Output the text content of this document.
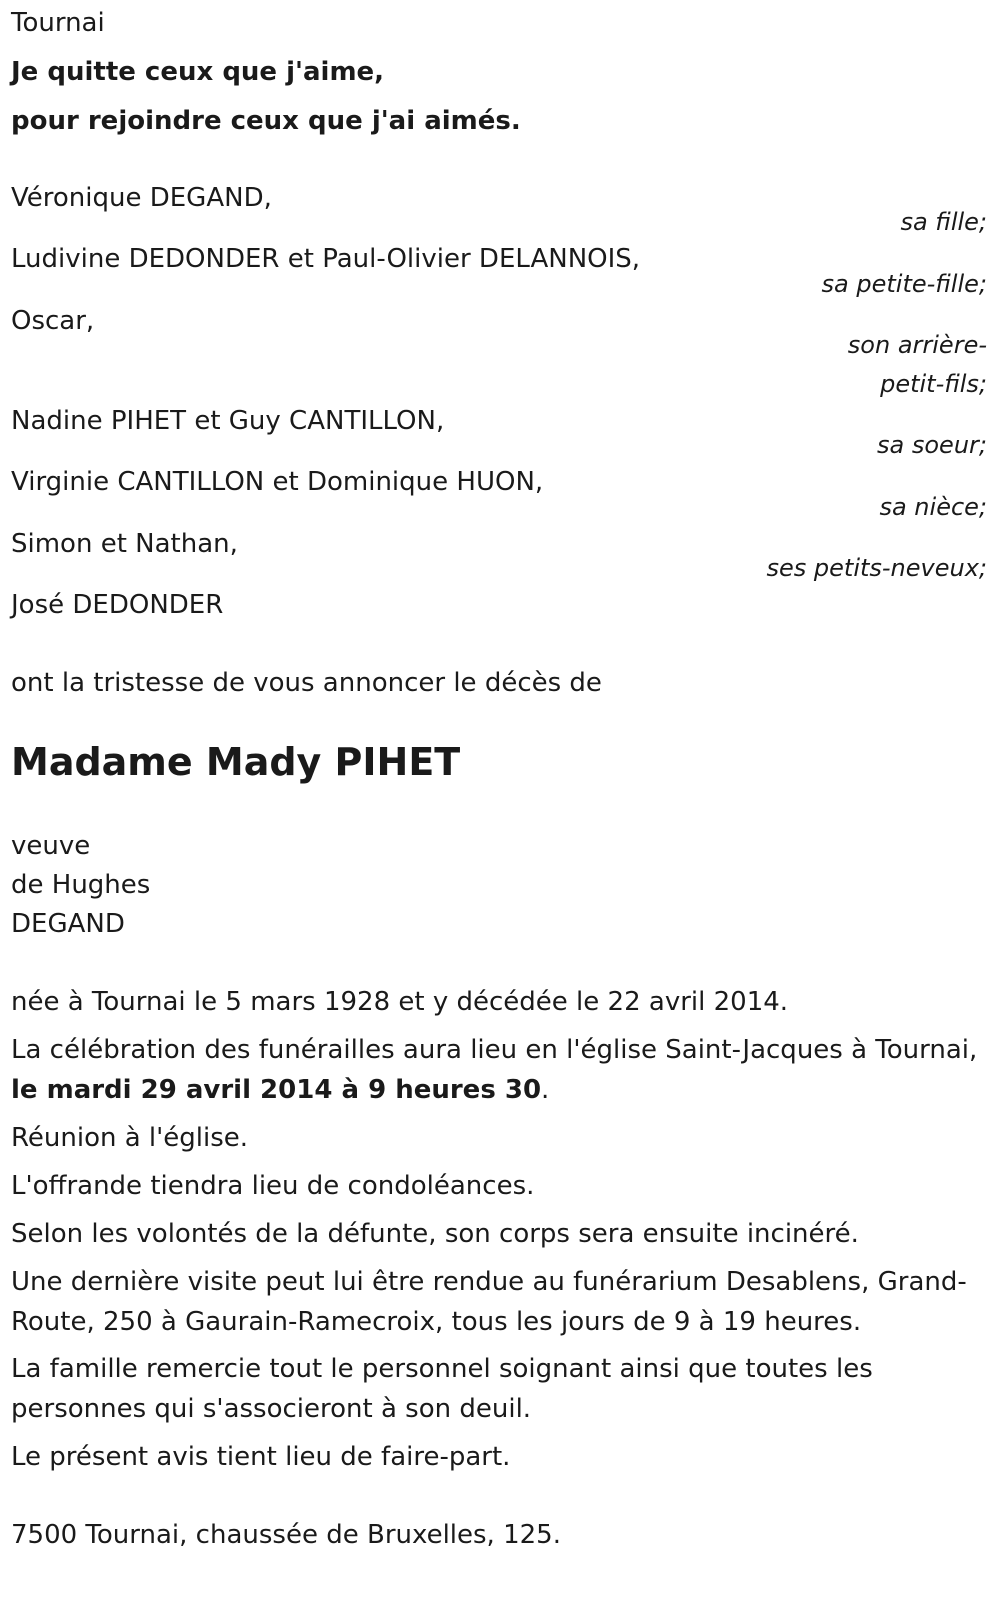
Tournai
Je quitte ceux que j'aime,
pour rejoindre ceux que j'ai aimés.
Véronique DEGAND,
sa fille;
Ludivine DEDONDER et Paul-Olivier DELANNOIS,
sa petite-fille;
Oscar,
son arrière-
petit-fils;
Nadine PIHET et Guy CANTILLON,
sa soeur;
Virginie CANTILLON et Dominique HUON,
sa nièce;
Simon et Nathan,
ses petits-neveux;
José DEDONDER
ont la tristesse de vous annoncer le décès de
Madame Mady PIHET
veuve
de Hughes
DEGAND
née à Tournai le 5 mars 1928 et y décédée le 22 avril 2014.
La célébration des funérailles aura lieu en l'église Saint-Jacques à Tournai, le mardi 29 avril 2014 à 9 heures 30.
Réunion à l'église.
L'offrande tiendra lieu de condoléances.
Selon les volontés de la défunte, son corps sera ensuite incinéré.
Une dernière visite peut lui être rendue au funérarium Desablens, Grand-Route, 250 à Gaurain-Ramecroix, tous les jours de 9 à 19 heures.
La famille remercie tout le personnel soignant ainsi que toutes les personnes qui s'associeront à son deuil.
Le présent avis tient lieu de faire-part.
7500 Tournai, chaussée de Bruxelles, 125.
